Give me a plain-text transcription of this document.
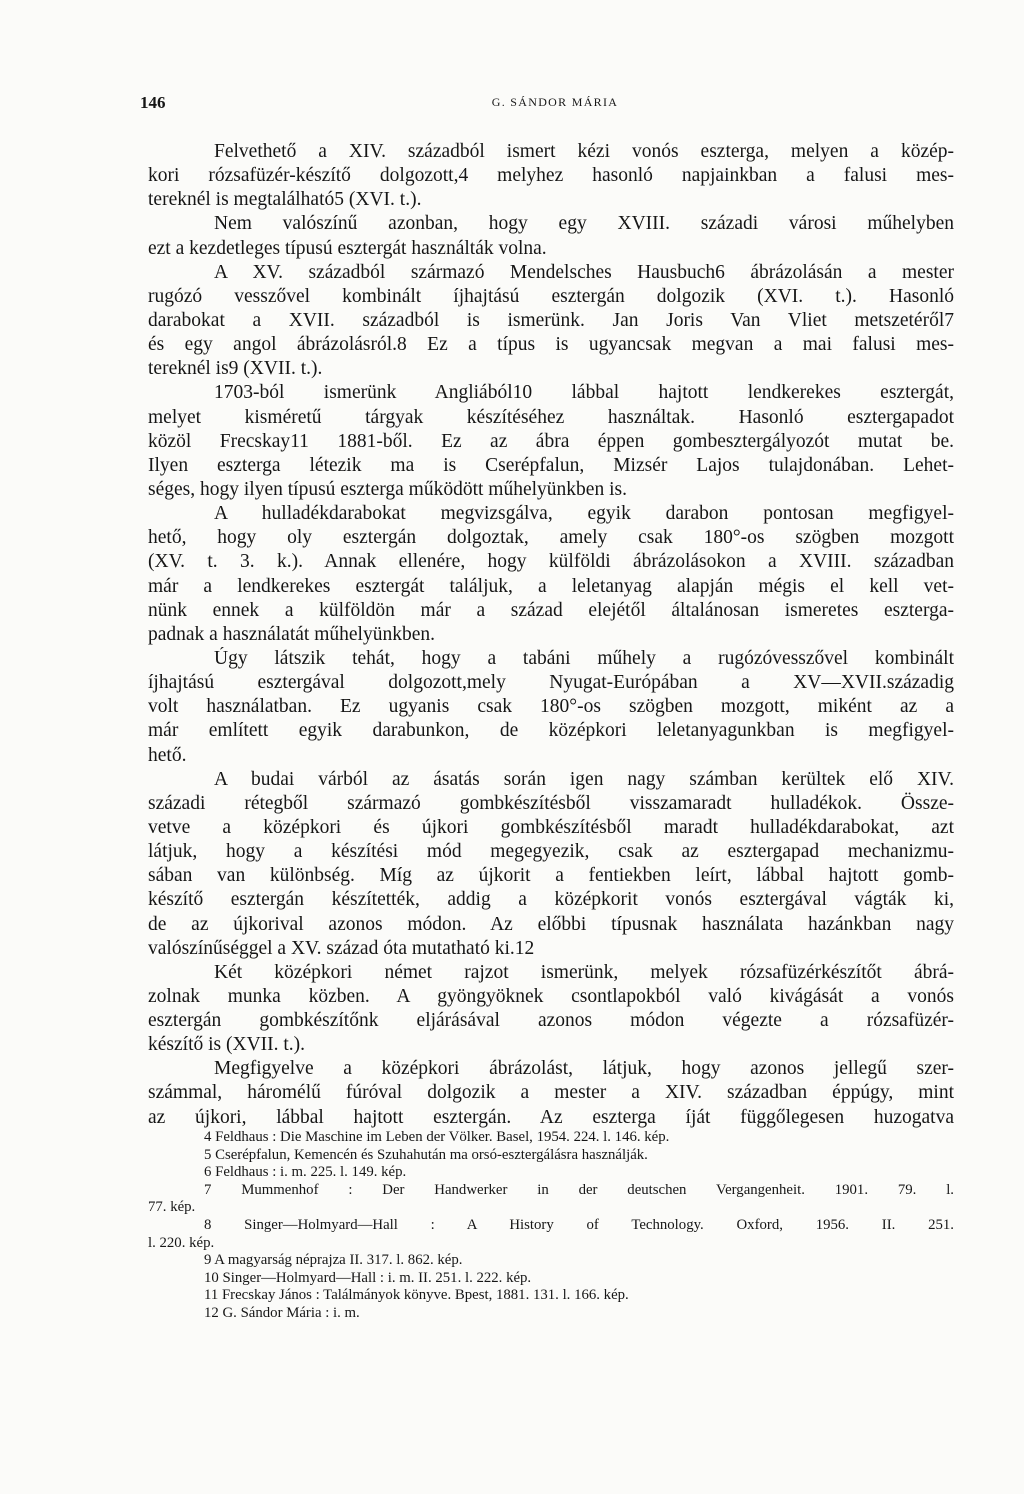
146	G. SÁNDOR MÁRIA
Felvethető a XIV. századból ismert kézi vonós eszterga, melyen a közép-
kori rózsafüzér-készítő dolgozott,4 melyhez hasonló napjainkban a falusi mes-
tereknél is megtalálható5 (XVI. t.).
Nem valószínű azonban, hogy egy XVIII. századi városi műhelyben
ezt a kezdetleges típusú esztergát használták volna.
A XV. századból származó Mendelsches Hausbuch6 ábrázolásán a mester
rugózó vesszővel kombinált íjhajtású esztergán dolgozik (XVI. t.). Hasonló
darabokat a XVII. századból is ismerünk. Jan Joris Van Vliet metszetéről7
és egy angol ábrázolásról.8 Ez a típus is ugyancsak megvan a mai falusi mes-
tereknél is9 (XVII. t.).
1703-ból ismerünk Angliából10 lábbal hajtott lendkerekes esztergát,
melyet kisméretű tárgyak készítéséhez használtak. Hasonló esztergapadot
közöl Frecskay11 1881-ből. Ez az ábra éppen gombesztergályozót mutat be.
Ilyen eszterga létezik ma is Cserépfalun, Mizsér Lajos tulajdonában. Lehet-
séges, hogy ilyen típusú eszterga működött műhelyünkben is.
A hulladékdarabokat megvizsgálva, egyik darabon pontosan megfigyel-
hető, hogy oly esztergán dolgoztak, amely csak 180°-os szögben mozgott
(XV. t. 3. k.). Annak ellenére, hogy külföldi ábrázolásokon a XVIII. században
már a lendkerekes esztergát találjuk, a leletanyag alapján mégis el kell vet-
nünk ennek a külföldön már a század elejétől általánosan ismeretes eszterga-
padnak a használatát műhelyünkben.
Úgy látszik tehát, hogy a tabáni műhely a rugózóvesszővel kombinált
íjhajtású esztergával dolgozott,mely Nyugat-Európában a XV—XVII.századig
volt használatban. Ez ugyanis csak 180°-os szögben mozgott, miként az a
már említett egyik darabunkon, de középkori leletanyagunkban is megfigyel-
hető.
A budai várból az ásatás során igen nagy számban kerültek elő XIV.
századi rétegből származó gombkészítésből visszamaradt hulladékok. Össze-
vetve a középkori és újkori gombkészítésből maradt hulladékdarabokat, azt
látjuk, hogy a készítési mód megegyezik, csak az esztergapad mechanizmu-
sában van különbség. Míg az újkorit a fentiekben leírt, lábbal hajtott gomb-
készítő esztergán készítették, addig a középkorit vonós esztergával vágták ki,
de az újkorival azonos módon. Az előbbi típusnak használata hazánkban nagy
valószínűséggel a XV. század óta mutatható ki.12
Két középkori német rajzot ismerünk, melyek rózsafüzérkészítőt ábrá-
zolnak munka közben. A gyöngyöknek csontlapokból való kivágását a vonós
esztergán gombkészítőnk eljárásával azonos módon végezte a rózsafüzér-
készítő is (XVII. t.).
Megfigyelve a középkori ábrázolást, látjuk, hogy azonos jellegű szer-
számmal, háromélű fúróval dolgozik a mester a XIV. században éppúgy, mint
az újkori, lábbal hajtott esztergán. Az eszterga íját függőlegesen huzogatva
4 Feldhaus : Die Maschine im Leben der Völker. Basel, 1954. 224. l. 146. kép.
5 Cserépfalun, Kemencén és Szuhahután ma orsó-esztergálásra használják.
6 Feldhaus : i. m. 225. l. 149. kép.
7 Mummenhof : Der Handwerker in der deutschen Vergangenheit. 1901. 79. l.
77. kép.
8 Singer—Holmyard—Hall : A History of Technology. Oxford, 1956. II. 251.
l. 220. kép.
9 A magyarság néprajza II. 317. l. 862. kép.
10 Singer—Holmyard—Hall : i. m. II. 251. l. 222. kép.
11 Frecskay János : Találmányok könyve. Bpest, 1881. 131. l. 166. kép.
12 G. Sándor Mária : i. m.
